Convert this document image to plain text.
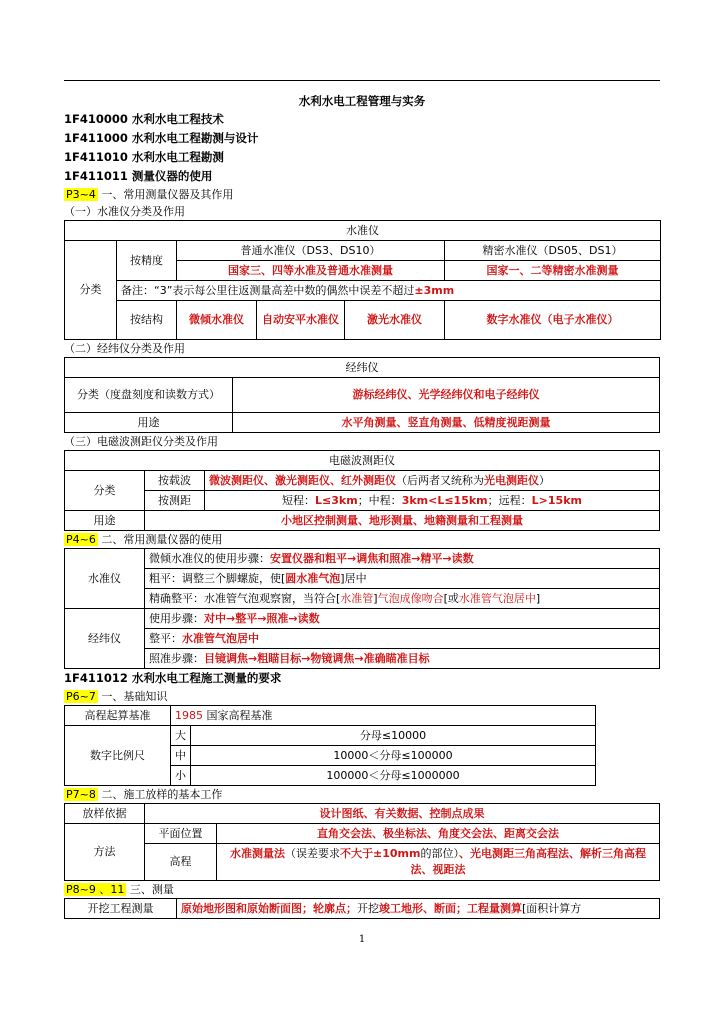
水利水电工程管理与实务
1F410000 水利水电工程技术
1F411000 水利水电工程勘测与设计
1F411010 水利水电工程勘测
1F411011 测量仪器的使用
P3~4 一、常用测量仪器及其作用
（一）水准仪分类及作用
水准仪					
分类	按精度	普通水准仪（DS3、DS10）			精密水准仪（DS05、DS1）
		国家三、四等水准及普通水准测量			国家一、二等精密水准测量
	备注：“3”表示每公里往返测量高差中数的偶然中误差不超过±3mm				
	按结构	微倾水准仪	自动安平水准仪	激光水准仪	数字水准仪（电子水准仪）

（二）经纬仪分类及作用
经纬仪	
分类（度盘刻度和读数方式）	游标经纬仪、光学经纬仪和电子经纬仪
用途	水平角测量、竖直角测量、低精度视距测量
（三）电磁波测距仪分类及作用
电磁波测距仪		
分类	按载波	微波测距仪、激光测距仪、红外测距仪（后两者又统称为光电测距仪）
	按测距	短程：L≤3km；中程：3km<L≤15km；远程：L>15km
用途	小地区控制测量、地形测量、地籍测量和工程测量	
P4~6 二、常用测量仪器的使用
水准仪	微倾水准仪的使用步骤：安置仪器和粗平→调焦和照准→精平→读数
	粗平：调整三个脚螺旋，使[圆水准气泡]居中
	精确整平：水准管气泡观察窗，当符合[水准管]气泡成像吻合[或水准管气泡居中]
经纬仪	使用步骤：对中→整平→照准→读数
	整平：水准管气泡居中
	照准步骤：目镜调焦→粗瞄目标→物镜调焦→准确瞄准目标
1F411012 水利水电工程施工测量的要求
P6~7 一、基础知识
高程起算基准	1985 国家高程基准	
数字比例尺	大	分母≤10000
	中	10000＜分母≤100000
	小	100000＜分母≤1000000
P7~8 二、施工放样的基本工作
放样依据	设计图纸、有关数据、控制点成果	
方法	平面位置	直角交会法、极坐标法、角度交会法、距离交会法
	高程	水准测量法（误差要求不大于±10mm的部位）、光电测距三角高程法、解析三角高程法、视距法
P8~9 、11 三、测量
开挖工程测量	原始地形图和原始断面图；轮廓点；开挖竣工地形、断面；工程量测算[面积计算方
1
